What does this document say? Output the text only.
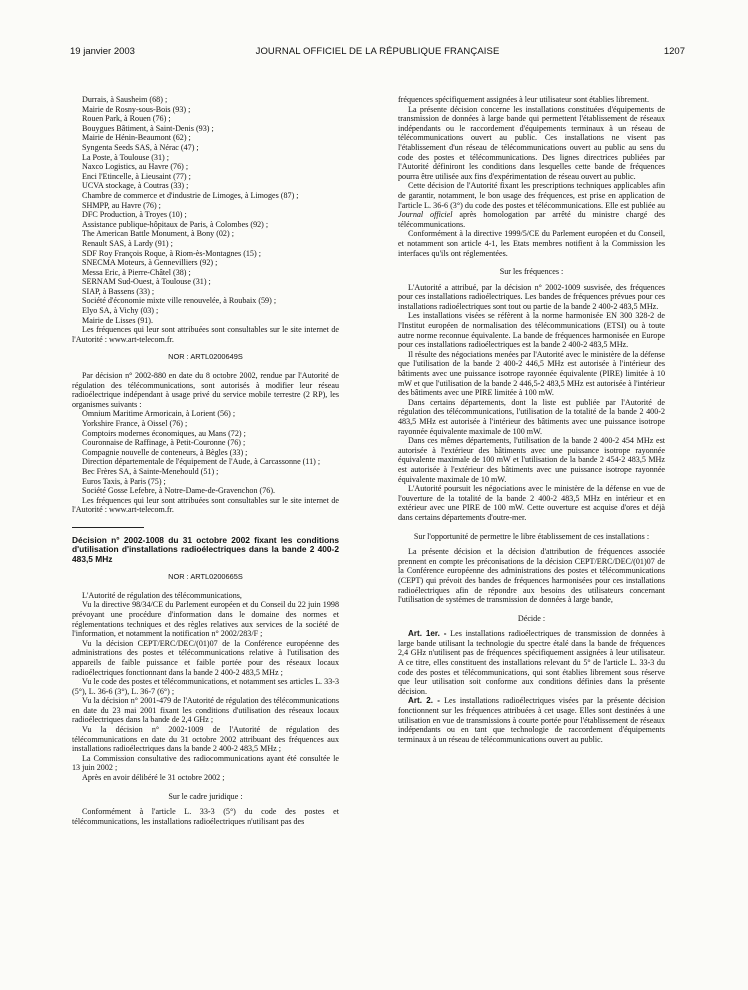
19 janvier 2003	JOURNAL OFFICIEL DE LA RÉPUBLIQUE FRANÇAISE	1207

Durrais, à Sausheim (68) ;

Mairie de Rosny-sous-Bois (93) ;

Rouen Park, à Rouen (76) ;

Bouygues Bâtiment, à Saint-Denis (93) ;

Mairie de Hénin-Beaumont (62) ;

Syngenta Seeds SAS, à Nérac (47) ;

La Poste, à Toulouse (31) ;

Naxco Logistics, au Havre (76) ;

Enci l'Etincelle, à Lieusaint (77) ;

UCVA stockage, à Coutras (33) ;

Chambre de commerce et d'industrie de Limoges, à Limoges (87) ;

SHMPP, au Havre (76) ;

DFC Production, à Troyes (10) ;

Assistance publique-hôpitaux de Paris, à Colombes (92) ;

The American Battle Monument, à Bony (02) ;

Renault SAS, à Lardy (91) ;

SDF Roy François Roque, à Riom-ès-Montagnes (15) ;

SNECMA Moteurs, à Gennevilliers (92) ;

Messa Eric, à Pierre-Châtel (38) ;

SERNAM Sud-Ouest, à Toulouse (31) ;

SIAP, à Bassens (33) ;

Société d'économie mixte ville renouvelée, à Roubaix (59) ;

Elyo SA, à Vichy (03) ;

Mairie de Lisses (91).

Les fréquences qui leur sont attribuées sont consultables sur le site internet de l'Autorité : www.art-telecom.fr.

NOR : ARTL0200649S

Par décision n° 2002-880 en date du 8 octobre 2002, rendue par l'Autorité de régulation des télécommunications, sont autorisés à modifier leur réseau radioélectrique indépendant à usage privé du service mobile terrestre (2 RP), les organismes suivants :

Omnium Maritime Armoricain, à Lorient (56) ;

Yorkshire France, à Oissel (76) ;

Comptoirs modernes économiques, au Mans (72) ;

Couronnaise de Raffinage, à Petit-Couronne (76) ;

Compagnie nouvelle de conteneurs, à Bègles (33) ;

Direction départementale de l'équipement de l'Aude, à Carcassonne (11) ;

Bec Frères SA, à Sainte-Menehould (51) ;

Euros Taxis, à Paris (75) ;

Société Gosse Lefebre, à Notre-Dame-de-Gravenchon (76).

Les fréquences qui leur sont attribuées sont consultables sur le site internet de l'Autorité : www.art-telecom.fr.

Décision n° 2002-1008 du 31 octobre 2002 fixant les conditions d'utilisation d'installations radioélectriques dans la bande 2 400-2 483,5 MHz

NOR : ARTL0200665S

L'Autorité de régulation des télécommunications,

Vu la directive 98/34/CE du Parlement européen et du Conseil du 22 juin 1998 prévoyant une procédure d'information dans le domaine des normes et réglementations techniques et des règles relatives aux services de la société de l'information, et notamment la notification n° 2002/283/F ;

Vu la décision CEPT/ERC/DEC/(01)07 de la Conférence européenne des administrations des postes et télécommunications relative à l'utilisation des appareils de faible puissance et faible portée pour des réseaux locaux radioélectriques fonctionnant dans la bande 2 400-2 483,5 MHz ;

Vu le code des postes et télécommunications, et notamment ses articles L. 33-3 (5°), L. 36-6 (3°), L. 36-7 (6°) ;

Vu la décision n° 2001-479 de l'Autorité de régulation des télécommunications en date du 23 mai 2001 fixant les conditions d'utilisation des réseaux locaux radioélectriques dans la bande de 2,4 GHz ;

Vu la décision n° 2002-1009 de l'Autorité de régulation des télécommunications en date du 31 octobre 2002 attribuant des fréquences aux installations radioélectriques dans la bande 2 400-2 483,5 MHz ;

La Commission consultative des radiocommunications ayant été consultée le 13 juin 2002 ;

Après en avoir délibéré le 31 octobre 2002 ;

Sur le cadre juridique :

Conformément à l'article L. 33-3 (5°) du code des postes et télécommunications, les installations radioélectriques n'utilisant pas des

fréquences spécifiquement assignées à leur utilisateur sont établies librement.

La présente décision concerne les installations constituées d'équipements de transmission de données à large bande qui permettent l'établissement de réseaux indépendants ou le raccordement d'équipements terminaux à un réseau de télécommunications ouvert au public. Ces installations ne visent pas l'établissement d'un réseau de télécommunications ouvert au public au sens du code des postes et télécommunications. Des lignes directrices publiées par l'Autorité définiront les conditions dans lesquelles cette bande de fréquences pourra être utilisée aux fins d'expérimentation de réseau ouvert au public.

Cette décision de l'Autorité fixant les prescriptions techniques applicables afin de garantir, notamment, le bon usage des fréquences, est prise en application de l'article L. 36-6 (3°) du code des postes et télécommunications. Elle est publiée au Journal officiel après homologation par arrêté du ministre chargé des télécommunications.

Conformément à la directive 1999/5/CE du Parlement européen et du Conseil, et notamment son article 4-1, les Etats membres notifient à la Commission les interfaces qu'ils ont réglementées.

Sur les fréquences :

L'Autorité a attribué, par la décision n° 2002-1009 susvisée, des fréquences pour ces installations radioélectriques. Les bandes de fréquences prévues pour ces installations radioélectriques sont tout ou partie de la bande 2 400-2 483,5 MHz.

Les installations visées se réfèrent à la norme harmonisée EN 300 328-2 de l'Institut européen de normalisation des télécommunications (ETSI) ou à toute autre norme reconnue équivalente. La bande de fréquences harmonisée en Europe pour ces installations radioélectriques est la bande 2 400-2 483,5 MHz.

Il résulte des négociations menées par l'Autorité avec le ministère de la défense que l'utilisation de la bande 2 400-2 446,5 MHz est autorisée à l'intérieur des bâtiments avec une puissance isotrope rayonnée équivalente (PIRE) limitée à 10 mW et que l'utilisation de la bande 2 446,5-2 483,5 MHz est autorisée à l'intérieur des bâtiments avec une PIRE limitée à 100 mW.

Dans certains départements, dont la liste est publiée par l'Autorité de régulation des télécommunications, l'utilisation de la totalité de la bande 2 400-2 483,5 MHz est autorisée à l'intérieur des bâtiments avec une puissance isotrope rayonnée équivalente maximale de 100 mW.

Dans ces mêmes départements, l'utilisation de la bande 2 400-2 454 MHz est autorisée à l'extérieur des bâtiments avec une puissance isotrope rayonnée équivalente maximale de 100 mW et l'utilisation de la bande 2 454-2 483,5 MHz est autorisée à l'extérieur des bâtiments avec une puissance isotrope rayonnée équivalente maximale de 10 mW.

L'Autorité poursuit les négociations avec le ministère de la défense en vue de l'ouverture de la totalité de la bande 2 400-2 483,5 MHz en intérieur et en extérieur avec une PIRE de 100 mW. Cette ouverture est acquise d'ores et déjà dans certains départements d'outre-mer.

Sur l'opportunité de permettre le libre établissement de ces installations :

La présente décision et la décision d'attribution de fréquences associée prennent en compte les préconisations de la décision CEPT/ERC/DEC/(01)07 de la Conférence européenne des administrations des postes et télécommunications (CEPT) qui prévoit des bandes de fréquences harmonisées pour ces installations radioélectriques afin de répondre aux besoins des utilisateurs concernant l'utilisation de systèmes de transmission de données à large bande,

Décide :

Art. 1er. - Les installations radioélectriques de transmission de données à large bande utilisant la technologie du spectre étalé dans la bande de fréquences 2,4 GHz n'utilisent pas de fréquences spécifiquement assignées à leur utilisateur. A ce titre, elles constituent des installations relevant du 5° de l'article L. 33-3 du code des postes et télécommunications, qui sont établies librement sous réserve que leur utilisation soit conforme aux conditions définies dans la présente décision.

Art. 2. - Les installations radioélectriques visées par la présente décision fonctionnent sur les fréquences attribuées à cet usage. Elles sont destinées à une utilisation en vue de transmissions à courte portée pour l'établissement de réseaux indépendants ou en tant que technologie de raccordement d'équipements terminaux à un réseau de télécommunications ouvert au public.
